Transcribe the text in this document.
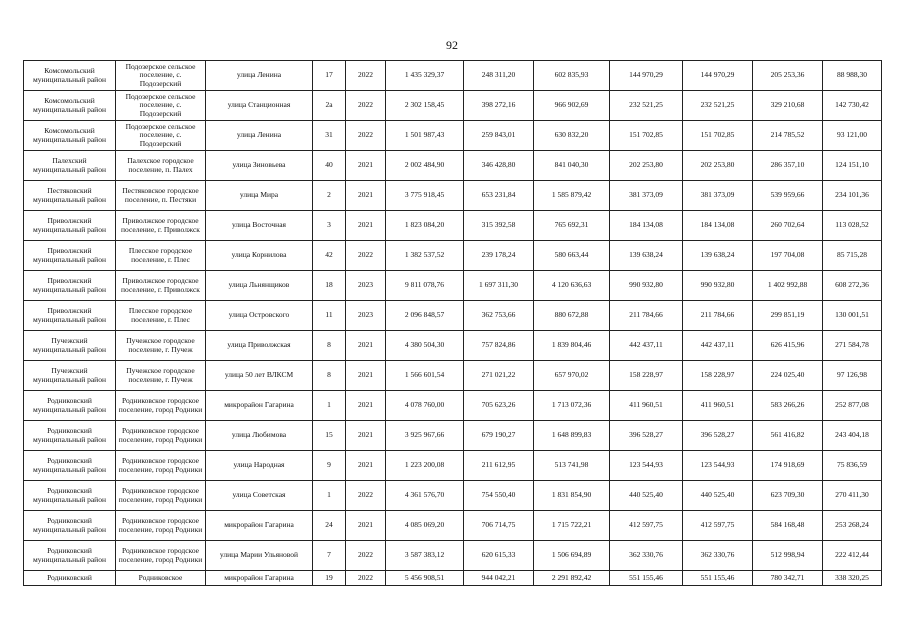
92
Комсомольский муниципальный район	Подозерское сельское поселение, с. Подозерский	улица Ленина	17	2022	1 435 329,37	248 311,20	602 835,93	144 970,29	144 970,29	205 253,36	88 988,30
Комсомольский муниципальный район	Подозерское сельское поселение, с. Подозерский	улица Станционная	2а	2022	2 302 158,45	398 272,16	966 902,69	232 521,25	232 521,25	329 210,68	142 730,42
Комсомольский муниципальный район	Подозерское сельское поселение, с. Подозерский	улица Ленина	31	2022	1 501 987,43	259 843,01	630 832,20	151 702,85	151 702,85	214 785,52	93 121,00
Палехский муниципальный район	Палехское городское поселение, п. Палех	улица Зиновьева	40	2021	2 002 484,90	346 428,80	841 040,30	202 253,80	202 253,80	286 357,10	124 151,10
Пестяковский муниципальный район	Пестяковское городское поселение, п. Пестяки	улица Мира	2	2021	3 775 918,45	653 231,84	1 585 879,42	381 373,09	381 373,09	539 959,66	234 101,36
Приволжский муниципальный район	Приволжское городское поселение, г. Приволжск	улица Восточная	3	2021	1 823 084,20	315 392,58	765 692,31	184 134,08	184 134,08	260 702,64	113 028,52
Приволжский муниципальный район	Плесское городское поселение, г. Плес	улица Корнилова	42	2022	1 382 537,52	239 178,24	580 663,44	139 638,24	139 638,24	197 704,08	85 715,28
Приволжский муниципальный район	Приволжское городское поселение, г. Приволжск	улица Льнянщиков	18	2023	9 811 078,76	1 697 311,30	4 120 636,63	990 932,80	990 932,80	1 402 992,88	608 272,36
Приволжский муниципальный район	Плесское городское поселение, г. Плес	улица Островского	11	2023	2 096 848,57	362 753,66	880 672,88	211 784,66	211 784,66	299 851,19	130 001,51
Пучежский муниципальный район	Пучежское городское поселение, г. Пучеж	улица Приволжская	8	2021	4 380 504,30	757 824,86	1 839 804,46	442 437,11	442 437,11	626 415,96	271 584,78
Пучежский муниципальный район	Пучежское городское поселение, г. Пучеж	улица 50 лет ВЛКСМ	8	2021	1 566 601,54	271 021,22	657 970,02	158 228,97	158 228,97	224 025,40	97 126,98
Родниковский муниципальный район	Родниковское городское поселение, город Родники	микрорайон Гагарина	1	2021	4 078 760,00	705 623,26	1 713 072,36	411 960,51	411 960,51	583 266,26	252 877,08
Родниковский муниципальный район	Родниковское городское поселение, город Родники	улица Любимова	15	2021	3 925 967,66	679 190,27	1 648 899,83	396 528,27	396 528,27	561 416,82	243 404,18
Родниковский муниципальный район	Родниковское городское поселение, город Родники	улица Народная	9	2021	1 223 200,08	211 612,95	513 741,98	123 544,93	123 544,93	174 918,69	75 836,59
Родниковский муниципальный район	Родниковское городское поселение, город Родники	улица Советская	1	2022	4 361 576,70	754 550,40	1 831 854,90	440 525,40	440 525,40	623 709,30	270 411,30
Родниковский муниципальный район	Родниковское городское поселение, город Родники	микрорайон Гагарина	24	2021	4 085 069,20	706 714,75	1 715 722,21	412 597,75	412 597,75	584 168,48	253 268,24
Родниковский муниципальный район	Родниковское городское поселение, город Родники	улица Марии Ульяновой	7	2022	3 587 383,12	620 615,33	1 506 694,89	362 330,76	362 330,76	512 998,94	222 412,44
Родниковский	Родниковское	микрорайон Гагарина	19	2022	5 456 908,51	944 042,21	2 291 892,42	551 155,46	551 155,46	780 342,71	338 320,25
